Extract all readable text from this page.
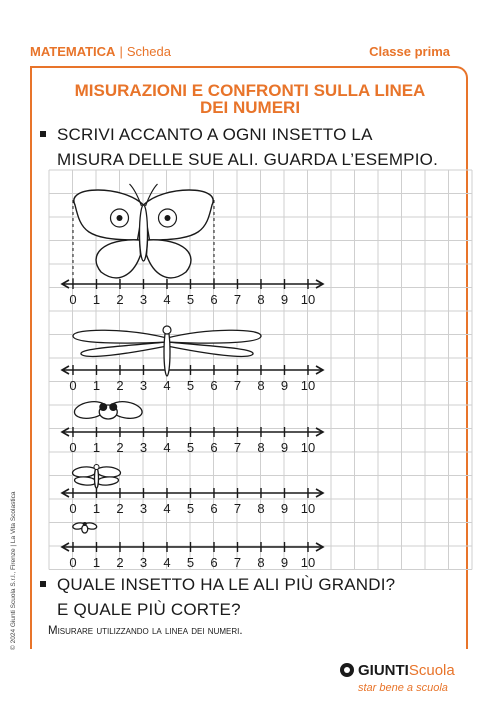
MATEMATICA | Scheda	Classe prima
MISURAZIONI E CONFRONTI SULLA LINEA
DEI NUMERI
SCRIVI ACCANTO A OGNI INSETTO LA
MISURA DELLE SUE ALI. GUARDA L’ESEMPIO.
0 1 2 3 4 5 6 7 8 9 10
0 1 2 3 4 5 6 7 8 9 10
0 1 2 3 4 5 6 7 8 9 10
0 1 2 3 4 5 6 7 8 9 10
0 1 2 3 4 5 6 7 8 9 10
QUALE INSETTO HA LE ALI PIÙ GRANDI?
E QUALE PIÙ CORTE?
Misurare utilizzando la linea dei numeri.
© 2024 Giunti Scuola S.r.l., Firenze | La Vita Scolastica
GIUNTIScuola
star bene a scuola
